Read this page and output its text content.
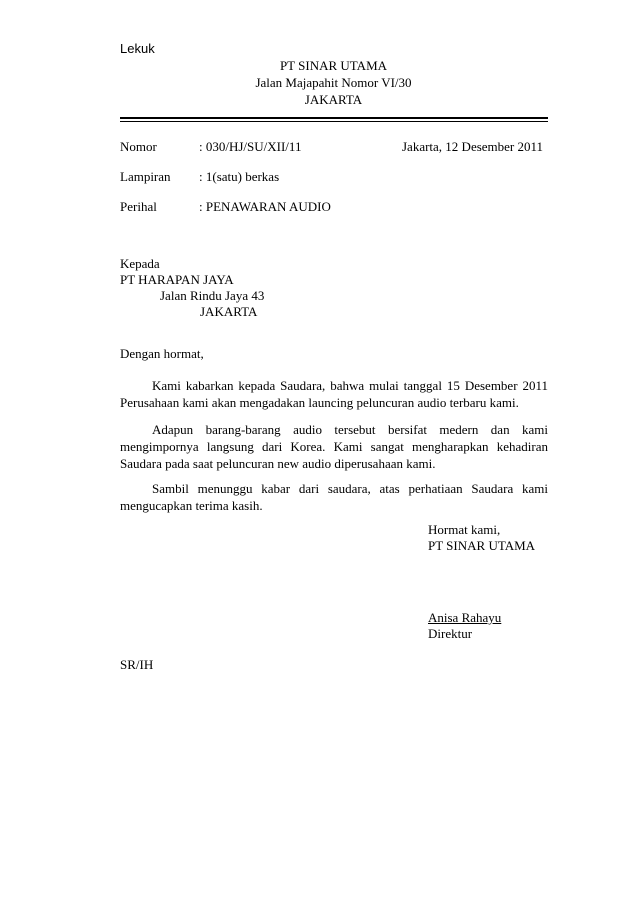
Lekuk
PT SINAR UTAMA
Jalan Majapahit Nomor VI/30
JAKARTA
Nomor	: 030/HJ/SU/XII/11	Jakarta, 12 Desember 2011
Lampiran : 1(satu) berkas
Perihal	: PENAWARAN AUDIO
Kepada
PT HARAPAN JAYA
Jalan Rindu Jaya 43
JAKARTA
Dengan hormat,
Kami kabarkan kepada Saudara, bahwa mulai tanggal 15 Desember 2011 Perusahaan kami akan mengadakan launcing peluncuran audio terbaru kami.
Adapun barang-barang audio tersebut bersifat medern dan kami mengimpornya langsung dari Korea. Kami sangat mengharapkan kehadiran Saudara pada saat peluncuran new audio diperusahaan kami.
Sambil menunggu kabar dari saudara, atas perhatiaan Saudara kami mengucapkan terima kasih.
Hormat kami,
PT SINAR UTAMA
Anisa Rahayu
Direktur
SR/IH
